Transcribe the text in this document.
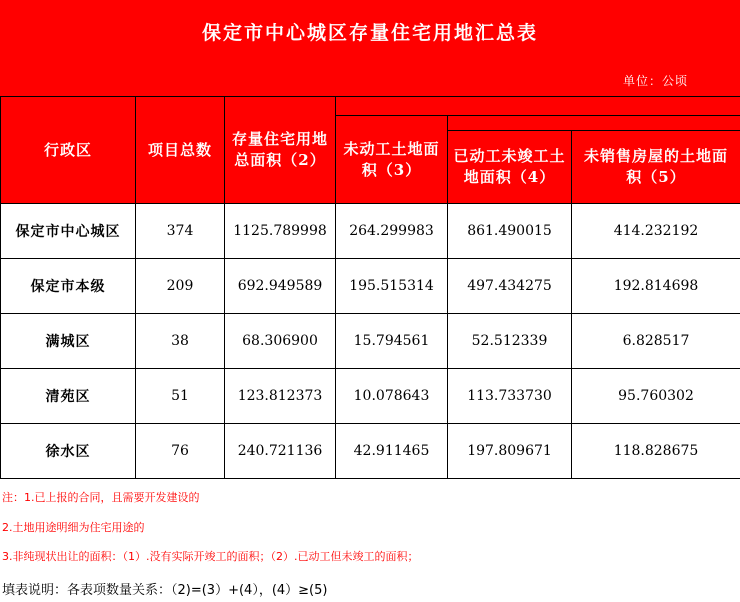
保定市中心城区存量住宅用地汇总表
单位：公顷
行政区	项目总数	存量住宅用地总面积（2）			

			未动工土地面积（3）		

				已动工未竣工土地面积（4）	未销售房屋的土地面积（5）

保定市中心城区	374	1125.789998	264.299983	861.490015	414.232192
保定市本级	209	692.949589	195.515314	497.434275	192.814698
满城区	38	68.306900	15.794561	52.512339	6.828517
清苑区	51	123.812373	10.078643	113.733730	95.760302
徐水区	76	240.721136	42.911465	197.809671	118.828675
注：1.已上报的合同，且需要开发建设的
2.土地用途明细为住宅用途的
3.非纯现状出让的面积：（1）.没有实际开竣工的面积；（2）.已动工但未竣工的面积；
填表说明：各表项数量关系：（2)=(3）+(4），(4）≥(5)
